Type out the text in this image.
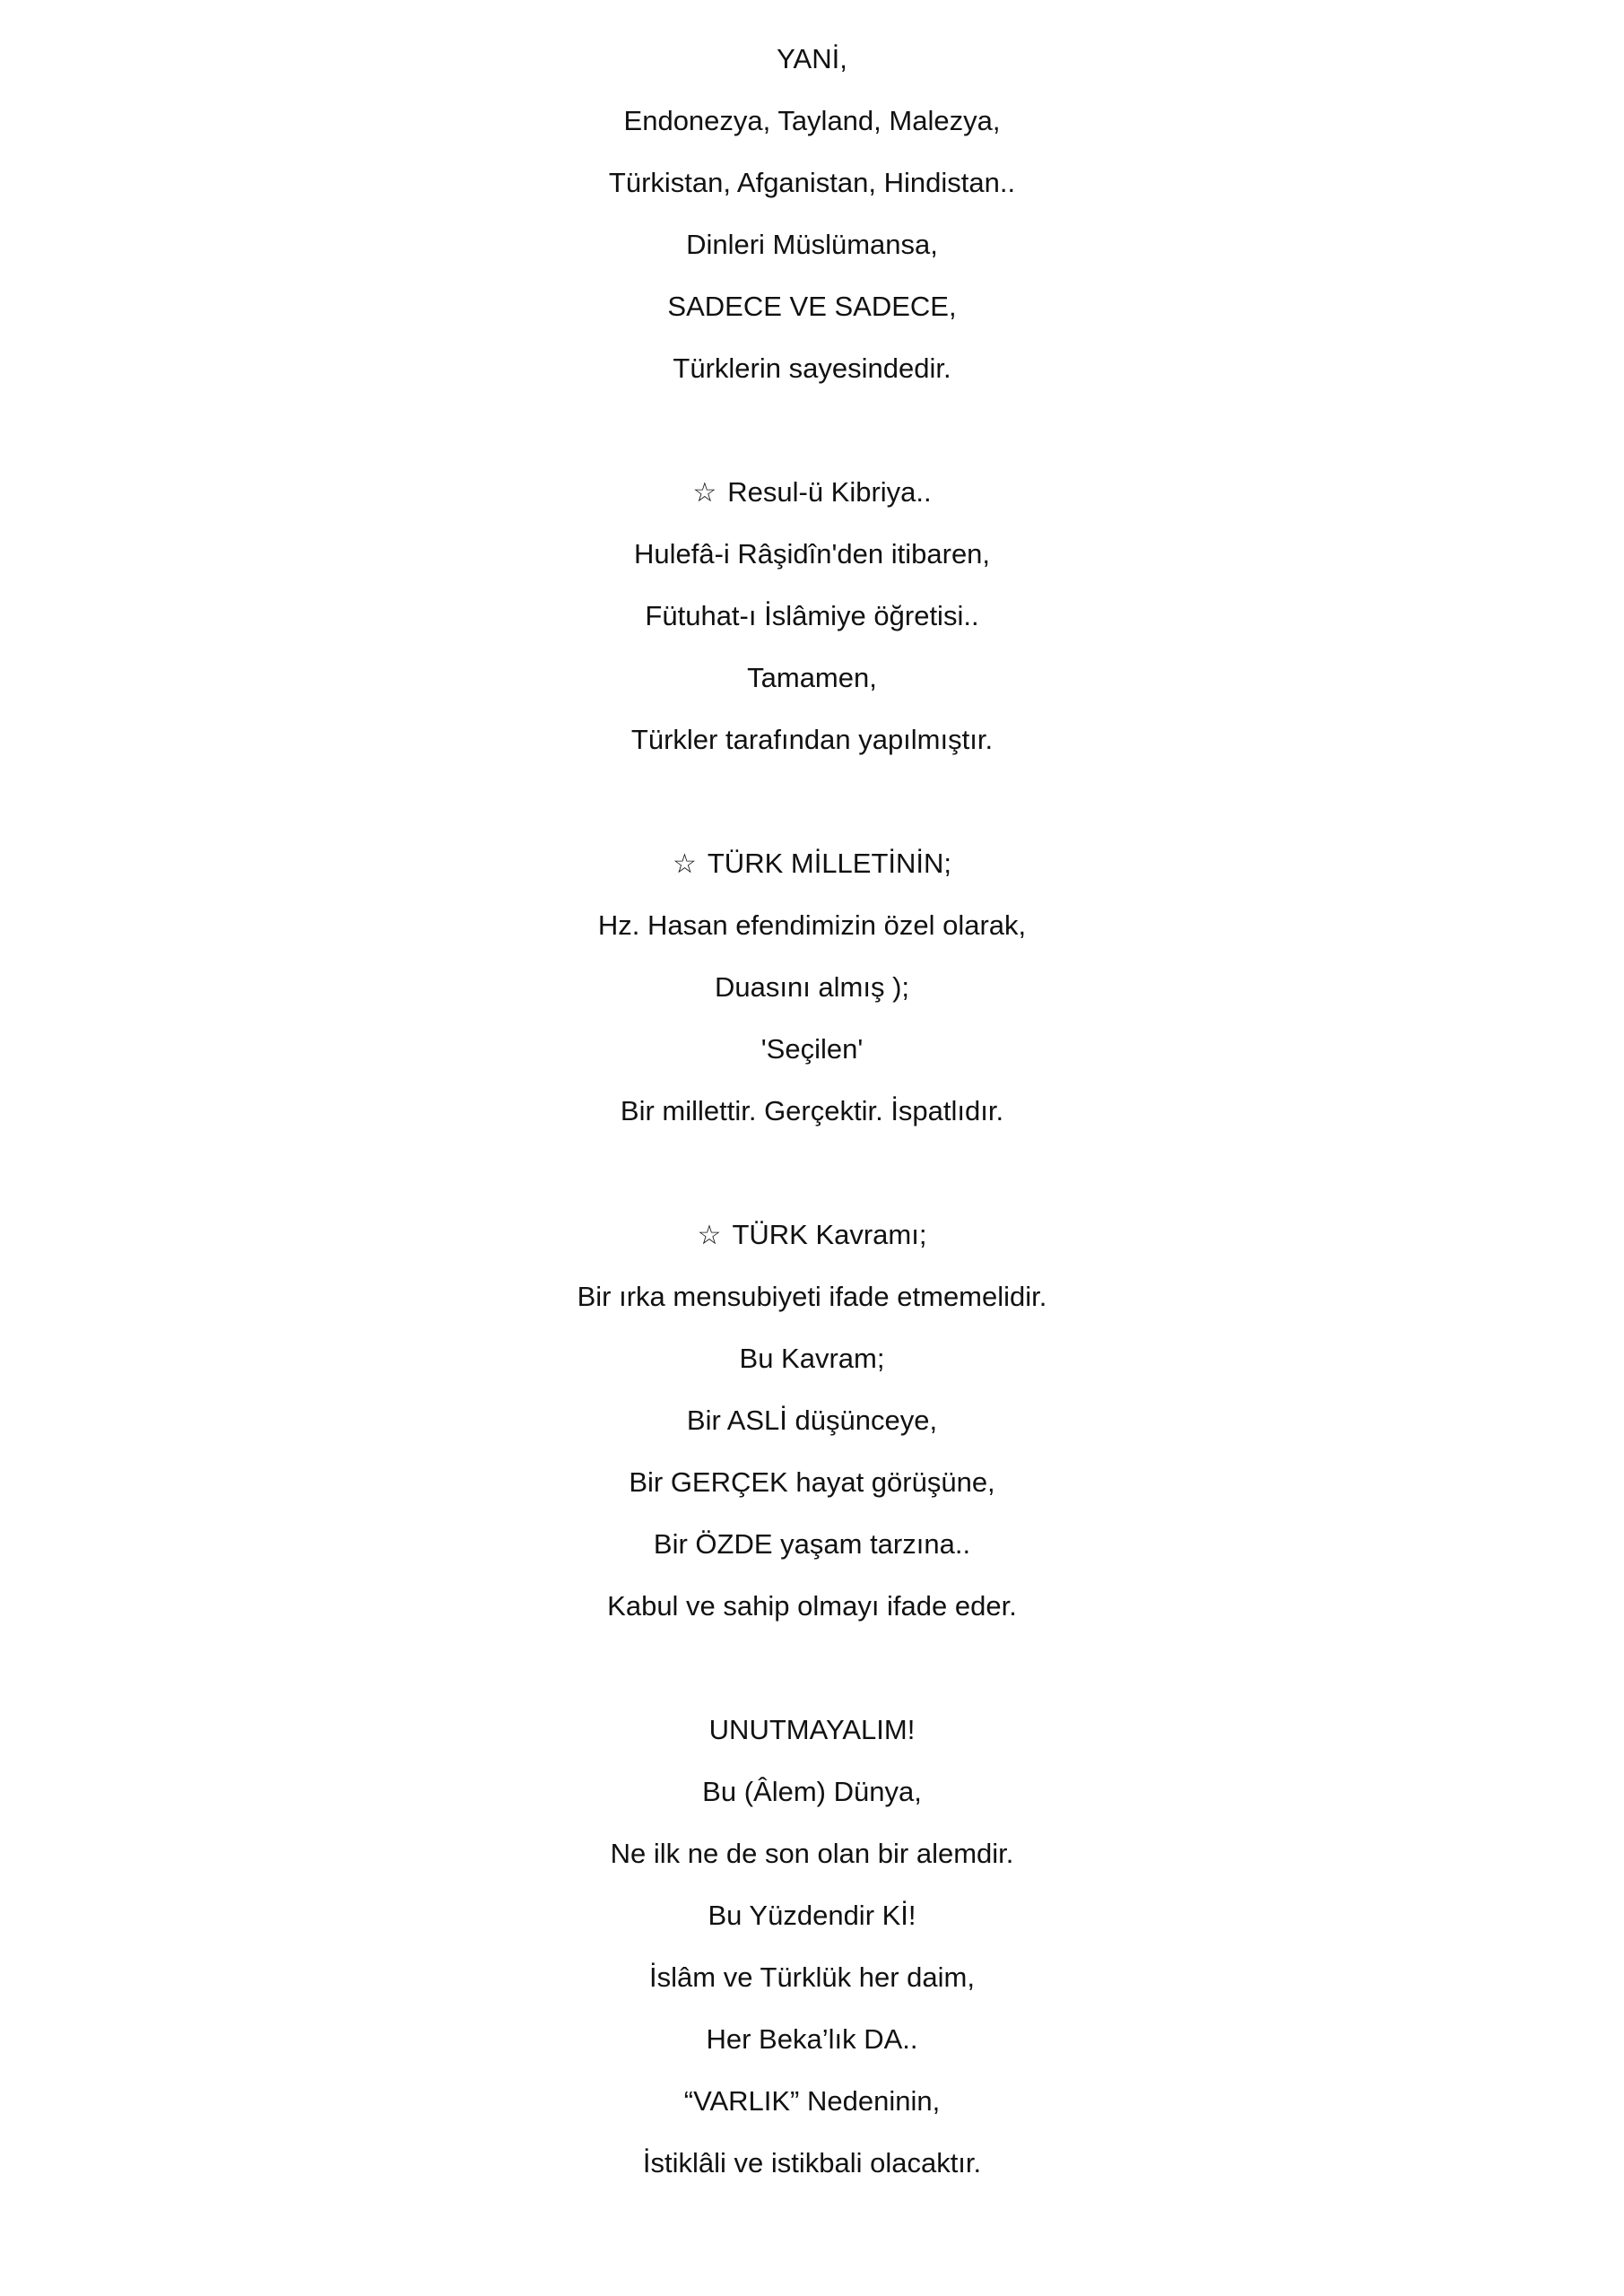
YANİ,
Endonezya, Tayland, Malezya,
Türkistan, Afganistan, Hindistan..
Dinleri Müslümansa,
SADECE VE SADECE,
Türklerin sayesindedir.
☆ Resul-ü Kibriya..
Hulefâ-i Râşidîn'den itibaren,
Fütuhat-ı İslâmiye öğretisi..
Tamamen,
Türkler tarafından yapılmıştır.
☆ TÜRK MİLLETİNİN;
Hz. Hasan efendimizin özel olarak,
Duasını almış );
'Seçilen'
Bir millettir. Gerçektir. İspatlıdır.
☆ TÜRK Kavramı;
Bir ırka mensubiyeti ifade etmemelidir.
Bu Kavram;
Bir ASLİ düşünceye,
Bir GERÇEK hayat görüşüne,
Bir ÖZDE yaşam tarzına..
Kabul ve sahip olmayı ifade eder.
UNUTMAYALIM!
Bu (Âlem) Dünya,
Ne ilk ne de son olan bir alemdir.
Bu Yüzdendir Kİ!
İslâm ve Türklük her daim,
Her Beka’lık DA..
“VARLIK” Nedeninin,
İstiklâli ve istikbali olacaktır.
